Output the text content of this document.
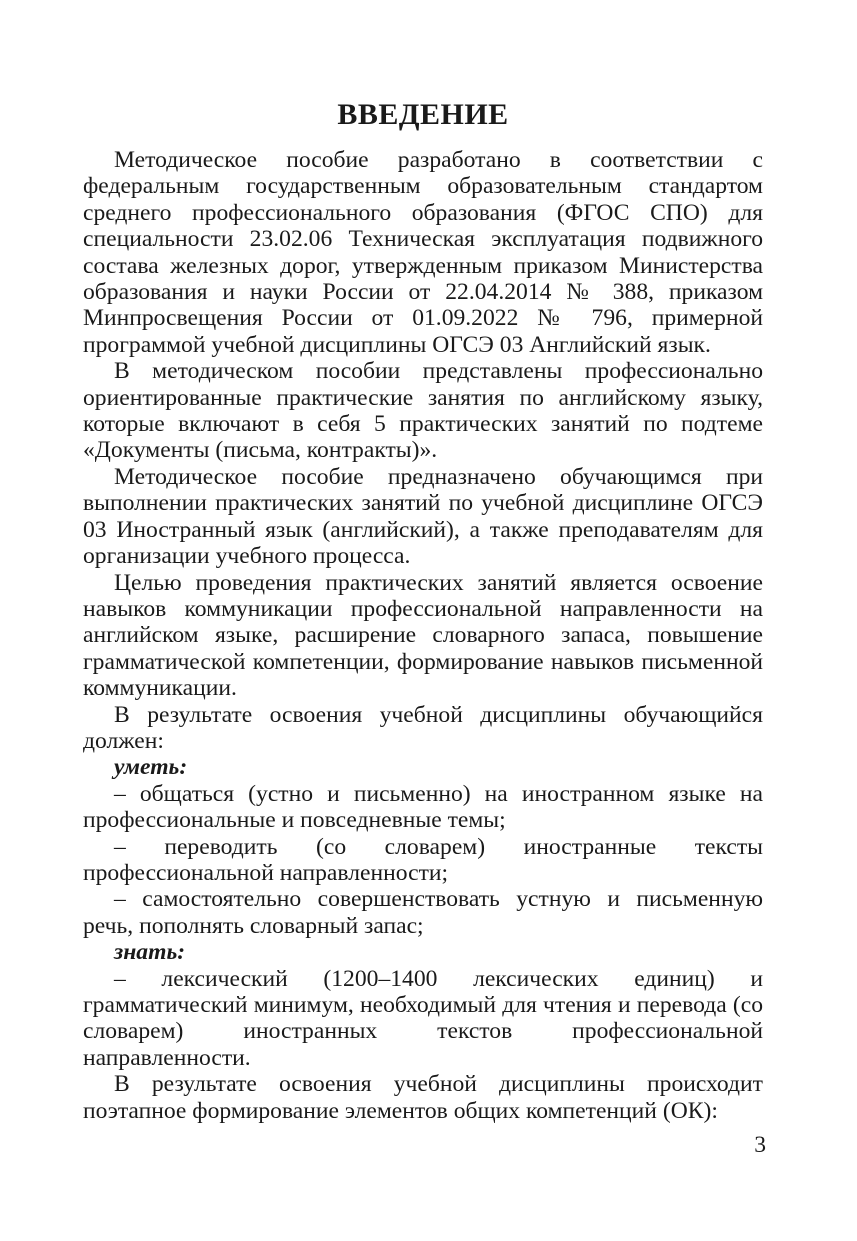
ВВЕДЕНИЕ

Методическое пособие разработано в соответствии с федеральным государственным образовательным стандартом среднего профессионального образования (ФГОС СПО) для специальности 23.02.06 Техническая эксплуатация подвижного состава железных дорог, утвержденным приказом Министерства образования и науки России от 22.04.2014 № 388, приказом Минпросвещения России от 01.09.2022 № 796, примерной программой учебной дисциплины ОГСЭ 03 Английский язык.

В методическом пособии представлены профессионально ориентированные практические занятия по английскому языку, которые включают в себя 5 практических занятий по подтеме «Документы (письма, контракты)».

Методическое пособие предназначено обучающимся при выполнении практических занятий по учебной дисциплине ОГСЭ 03 Иностранный язык (английский), а также преподавателям для организации учебного процесса.

Целью проведения практических занятий является освоение навыков коммуникации профессиональной направленности на английском языке, расширение словарного запаса, повышение грамматической компетенции, формирование навыков письменной коммуникации.

В результате освоения учебной дисциплины обучающийся должен:

уметь:

– общаться (устно и письменно) на иностранном языке на профессиональные и повседневные темы;

– переводить (со словарем) иностранные тексты профессиональной направленности;

– самостоятельно совершенствовать устную и письменную речь, пополнять словарный запас;

знать:

– лексический (1200–1400 лексических единиц) и грамматический минимум, необходимый для чтения и перевода (со словарем) иностранных текстов профессиональной направленности.

В результате освоения учебной дисциплины происходит поэтапное формирование элементов общих компетенций (ОК):

3
